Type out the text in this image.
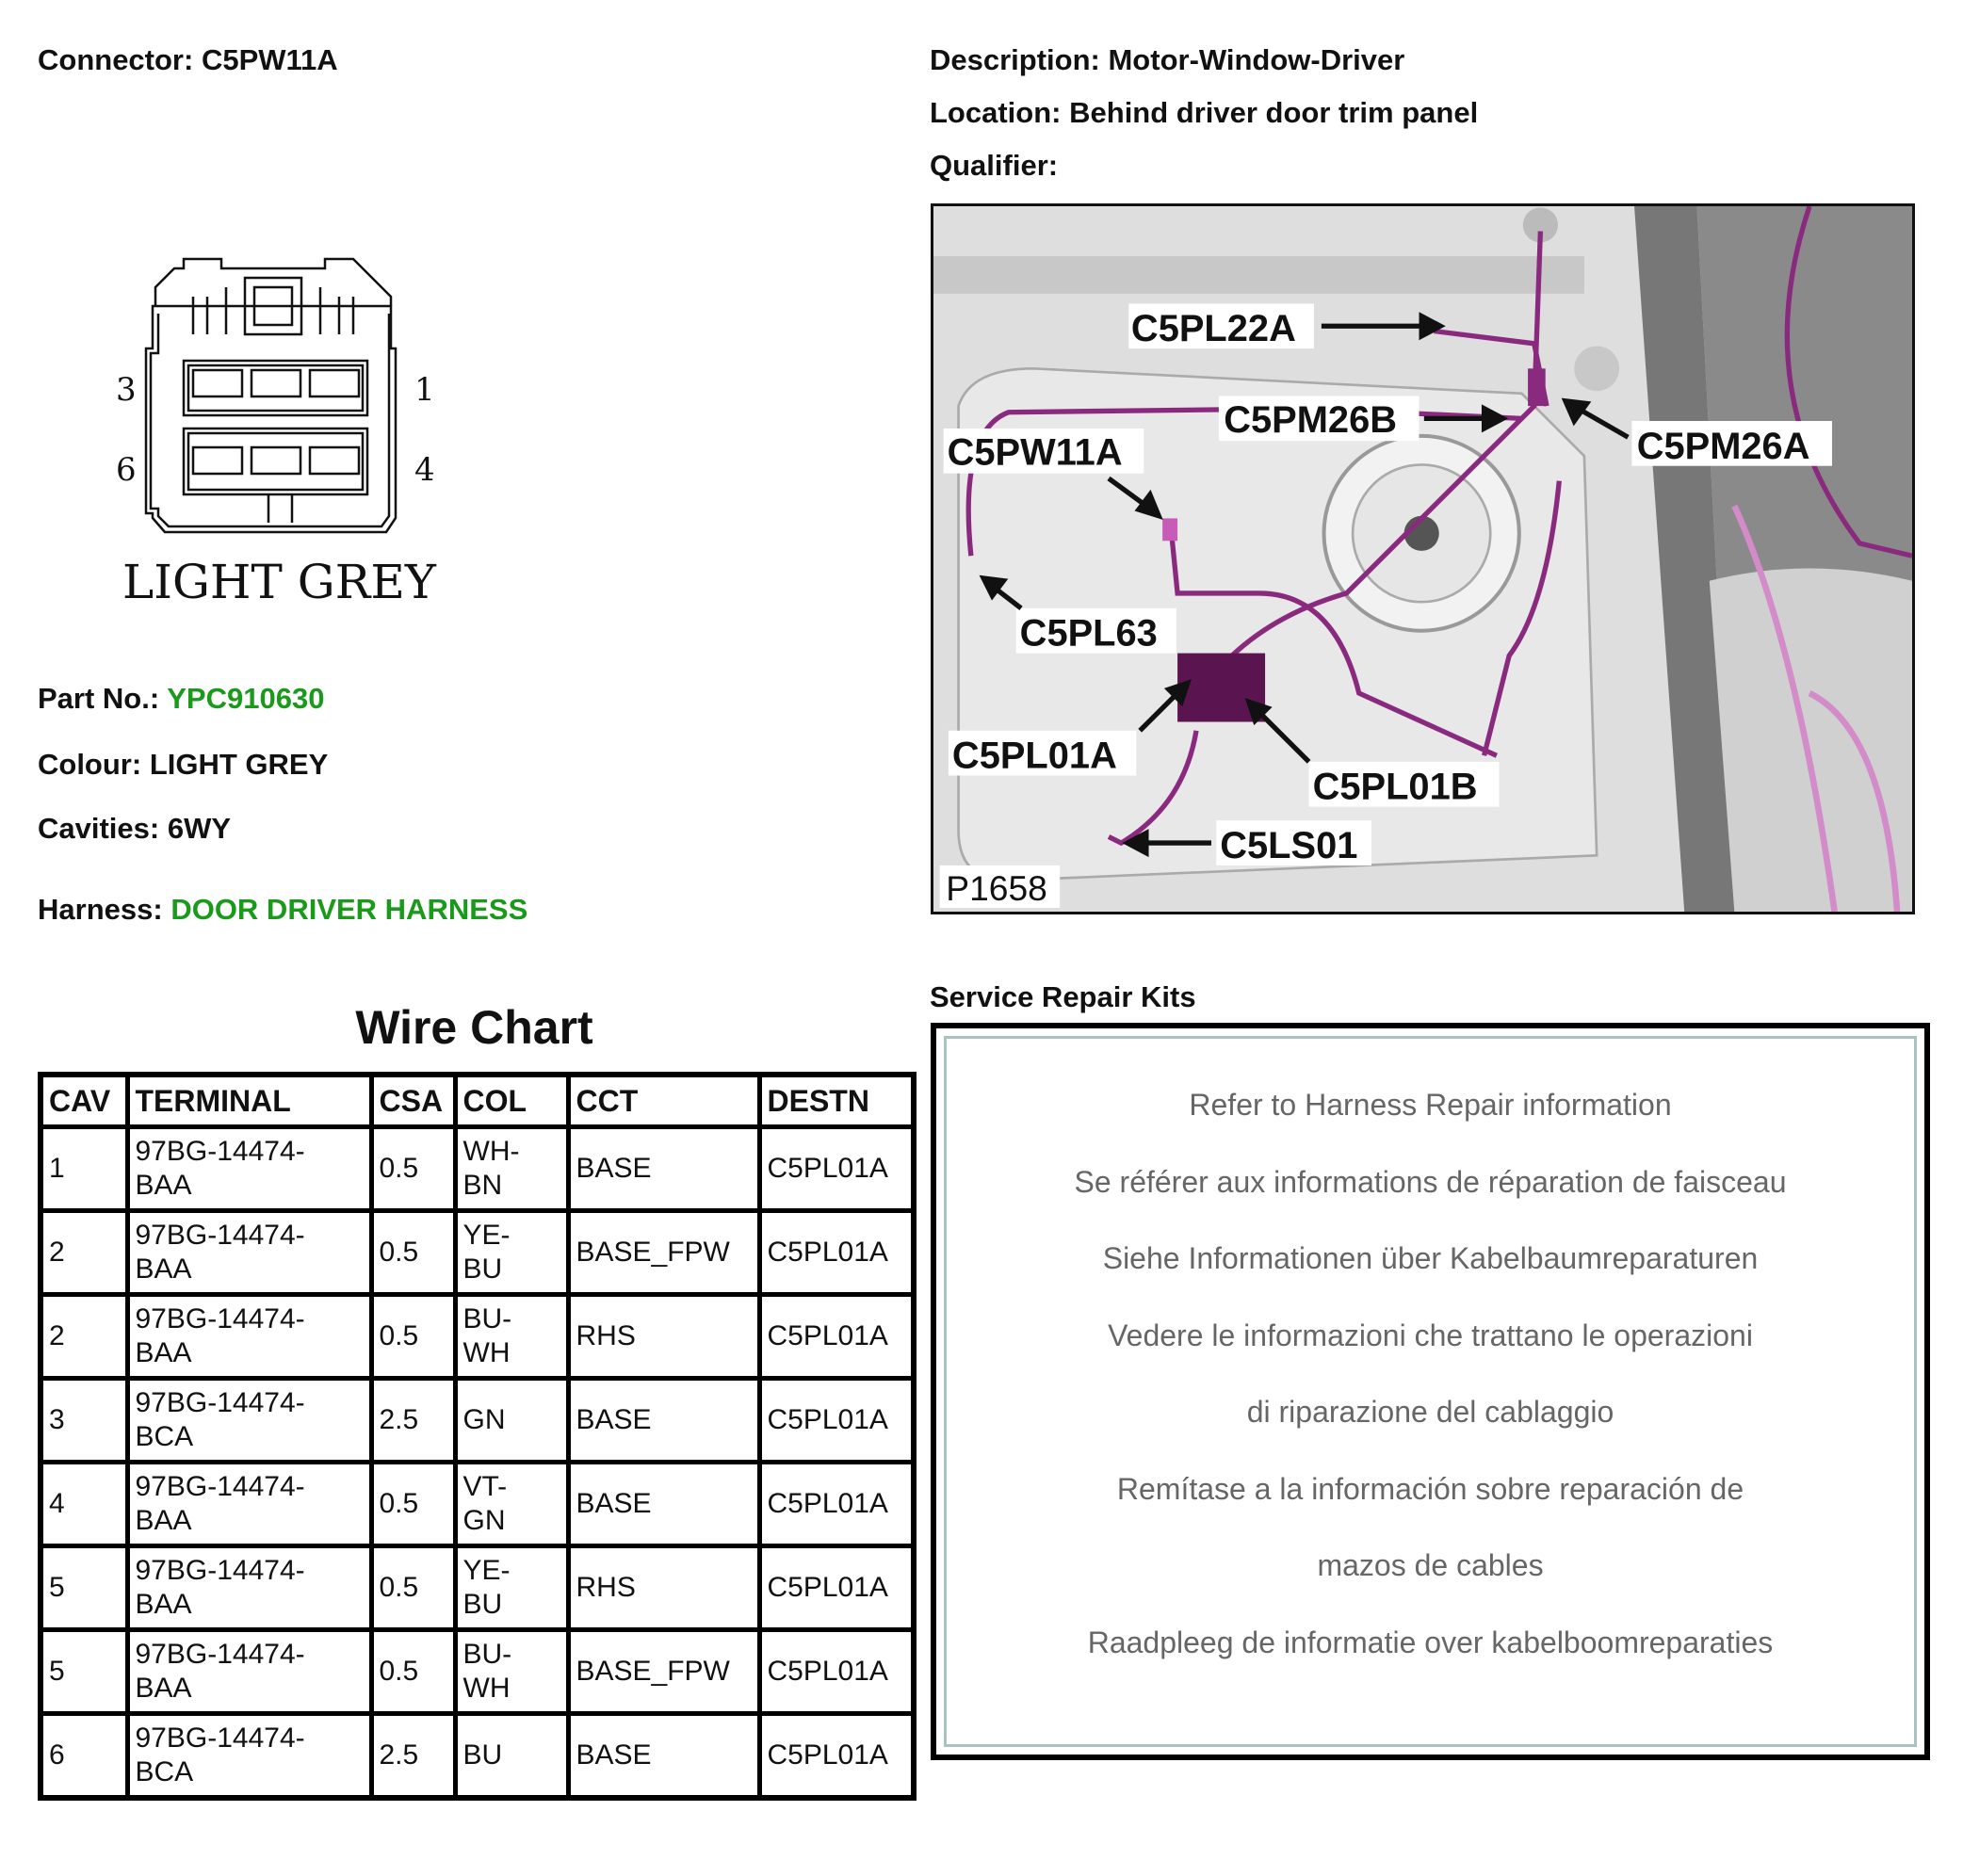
Connector: C5PW11A	Description: Motor-Window-Driver
Location: Behind driver door trim panel
Qualifier:
3	1
6	4
LIGHT GREY
Part No.: YPC910630
Colour: LIGHT GREY
Cavities: 6WY
Harness: DOOR DRIVER HARNESS
C5PL22A
C5PM26B
C5PM26A
C5PW11A
C5PL63
C5PL01A
C5PL01B
C5LS01
P1658
Wire Chart
CAV	TERMINAL	CSA	COL	CCT	DESTN
1	97BG-14474-BAA	0.5	WH-BN	BASE	C5PL01A
2	97BG-14474-BAA	0.5	YE-BU	BASE_FPW	C5PL01A
2	97BG-14474-BAA	0.5	BU-WH	RHS	C5PL01A
3	97BG-14474-BCA	2.5	GN	BASE	C5PL01A
4	97BG-14474-BAA	0.5	VT-GN	BASE	C5PL01A
5	97BG-14474-BAA	0.5	YE-BU	RHS	C5PL01A
5	97BG-14474-BAA	0.5	BU-WH	BASE_FPW	C5PL01A
6	97BG-14474-BCA	2.5	BU	BASE	C5PL01A
Service Repair Kits
Refer to Harness Repair information
Se référer aux informations de réparation de faisceau
Siehe Informationen über Kabelbaumreparaturen
Vedere le informazioni che trattano le operazioni
di riparazione del cablaggio
Remítase a la información sobre reparación de
mazos de cables
Raadpleeg de informatie over kabelboomreparaties
